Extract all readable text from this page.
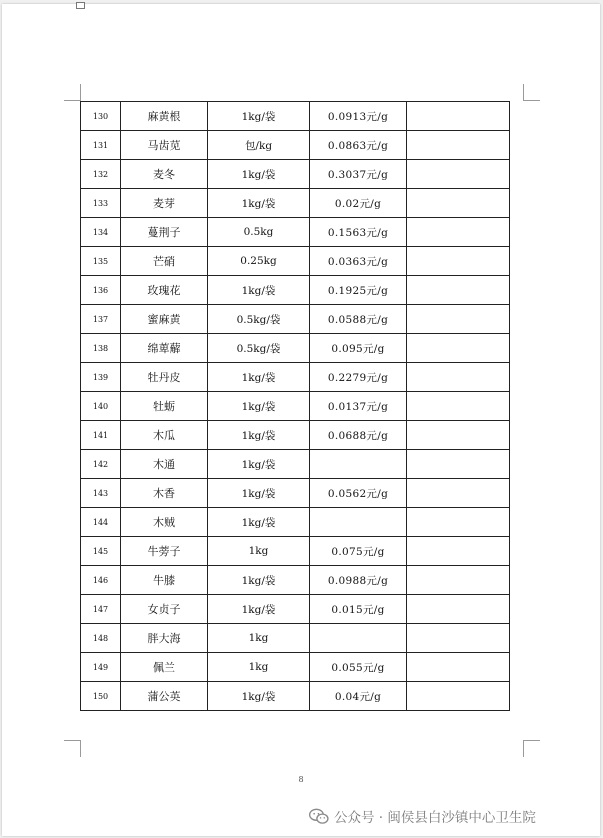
130	麻黄根	1kg/袋	0.0913元/g	
131	马齿苋	包/kg	0.0863元/g	
132	麦冬	1kg/袋	0.3037元/g	
133	麦芽	1kg/袋	0.02元/g	
134	蔓荆子	0.5kg	0.1563元/g	
135	芒硝	0.25kg	0.0363元/g	
136	玫瑰花	1kg/袋	0.1925元/g	
137	蜜麻黄	0.5kg/袋	0.0588元/g	
138	绵萆薢	0.5kg/袋	0.095元/g	
139	牡丹皮	1kg/袋	0.2279元/g	
140	牡蛎	1kg/袋	0.0137元/g	
141	木瓜	1kg/袋	0.0688元/g	
142	木通	1kg/袋		
143	木香	1kg/袋	0.0562元/g	
144	木贼	1kg/袋		
145	牛蒡子	1kg	0.075元/g	
146	牛膝	1kg/袋	0.0988元/g	
147	女贞子	1kg/袋	0.015元/g	
148	胖大海	1kg		
149	佩兰	1kg	0.055元/g	
150	蒲公英	1kg/袋	0.04元/g	
8
公众号 · 闽侯县白沙镇中心卫生院
